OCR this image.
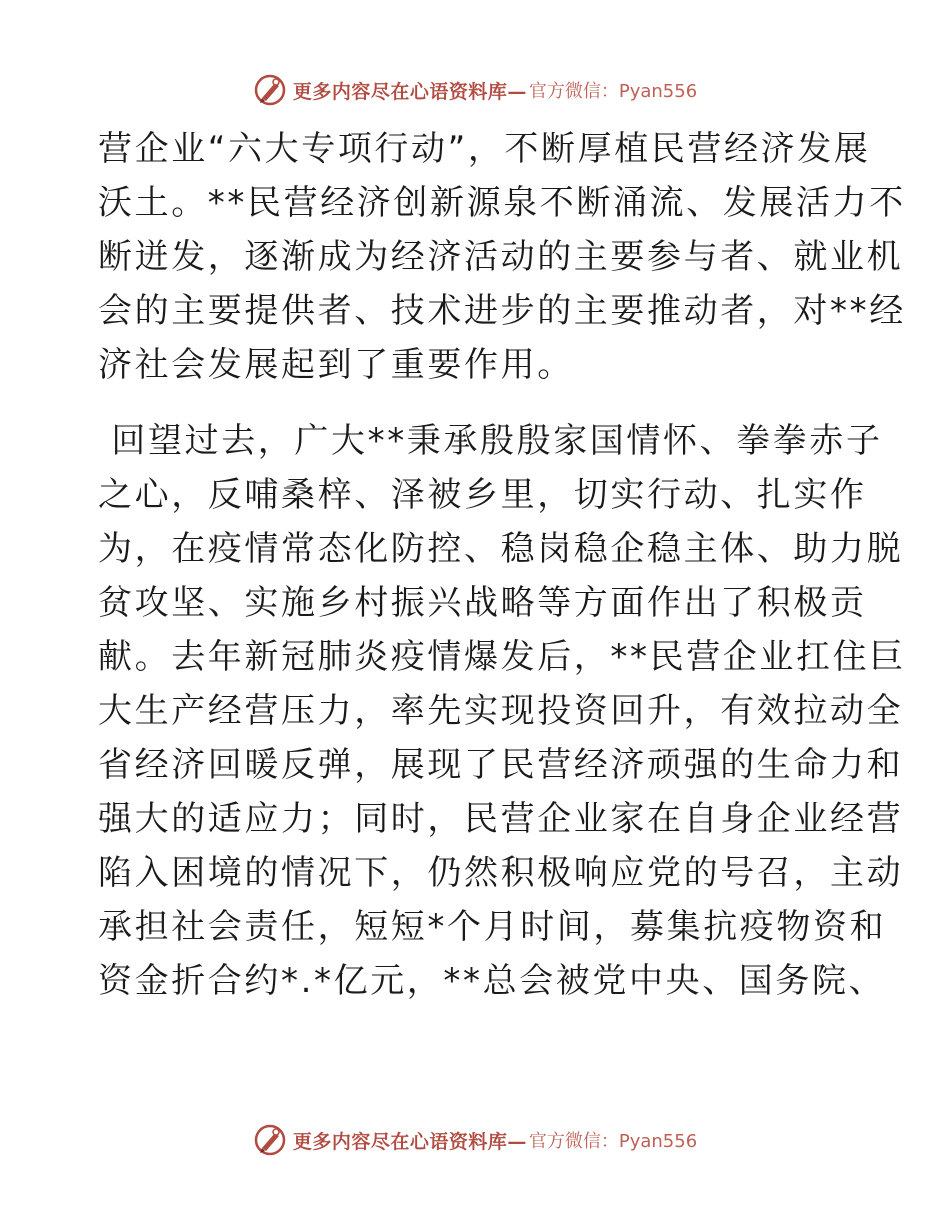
更多内容尽在心语资料库— 官方微信：Pyan556
营企业“六大专项行动”，不断厚植民营经济发展
沃土。**民营经济创新源泉不断涌流、发展活力不
断迸发，逐渐成为经济活动的主要参与者、就业机
会的主要提供者、技术进步的主要推动者，对**经
济社会发展起到了重要作用。
回望过去，广大**秉承殷殷家国情怀、拳拳赤子
之心，反哺桑梓、泽被乡里，切实行动、扎实作
为，在疫情常态化防控、稳岗稳企稳主体、助力脱
贫攻坚、实施乡村振兴战略等方面作出了积极贡
献。去年新冠肺炎疫情爆发后，**民营企业扛住巨
大生产经营压力，率先实现投资回升，有效拉动全
省经济回暖反弹，展现了民营经济顽强的生命力和
强大的适应力；同时，民营企业家在自身企业经营
陷入困境的情况下，仍然积极响应党的号召，主动
承担社会责任，短短*个月时间，募集抗疫物资和
资金折合约*.*亿元，**总会被党中央、国务院、
更多内容尽在心语资料库— 官方微信：Pyan556
